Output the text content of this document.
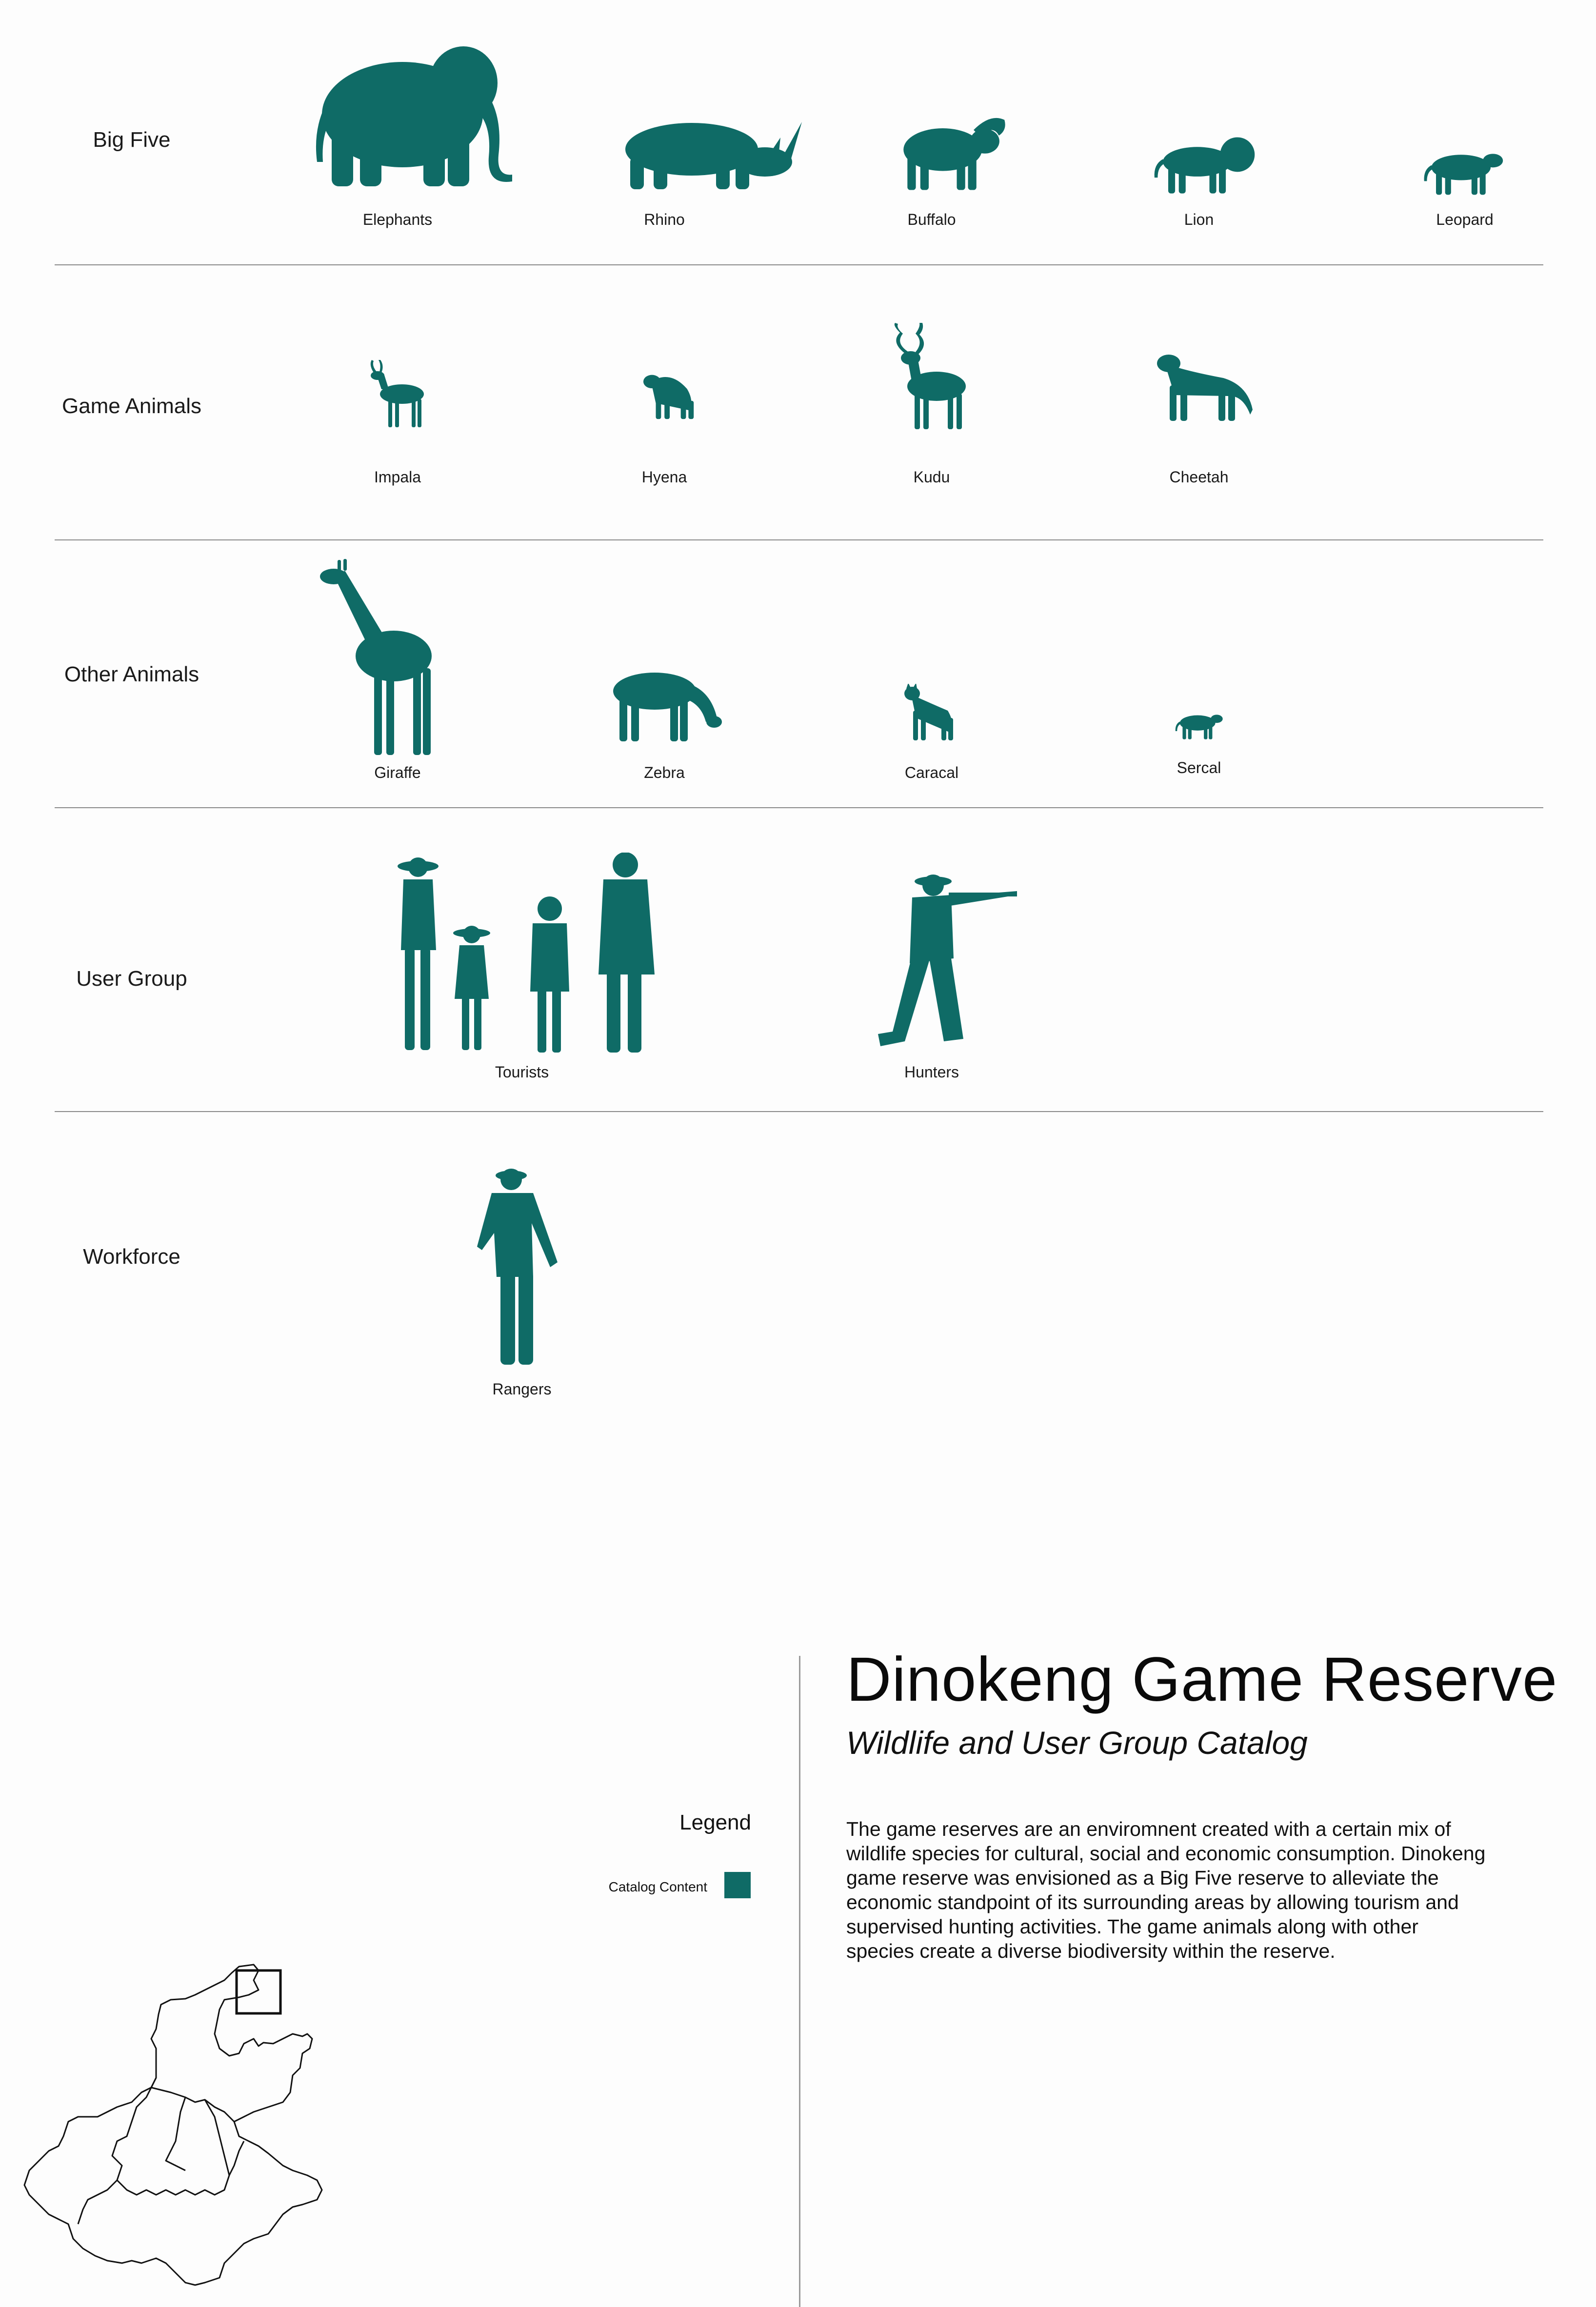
Big Five
Elephants	Rhino	Buffalo	Lion	Leopard
Game Animals
Impala	Hyena	Kudu	Cheetah
Other Animals
Giraffe	Zebra	Caracal	Sercal
User Group
Tourists	Hunters
Workforce
Rangers
Dinokeng Game Reserve
Wildlife and User Group Catalog
The game reserves are an enviromnent created with a certain mix of wildlife species for cultural, social and economic consumption. Dinokeng game reserve was envisioned as a Big Five reserve to alleviate the economic standpoint of its surrounding areas by allowing tourism and supervised hunting activities. The game animals along with other species create a diverse biodiversity within the reserve.
Legend
Catalog Content
